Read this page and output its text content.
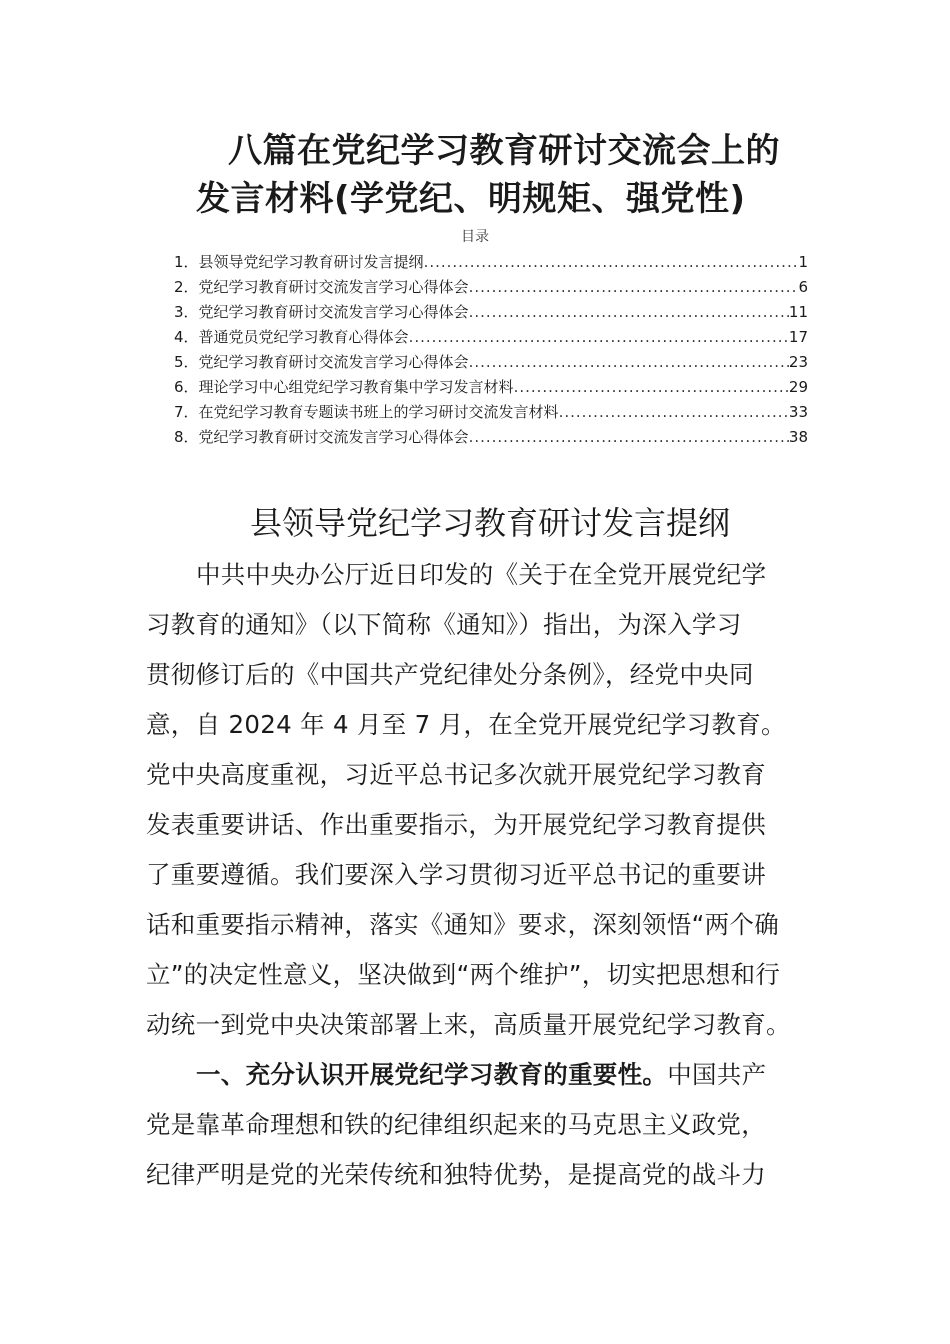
八篇在党纪学习教育研讨交流会上的
发言材料(学党纪、明规矩、强党性)
目录
1． 县领导党纪学习教育研讨发言提纲 .....	1
2． 党纪学习教育研讨交流发言学习心得体会 .....	6
3． 党纪学习教育研讨交流发言学习心得体会 .....	11
4． 普通党员党纪学习教育心得体会 .....	17
5． 党纪学习教育研讨交流发言学习心得体会 .....	23
6． 理论学习中心组党纪学习教育集中学习发言材料 .....	29
7． 在党纪学习教育专题读书班上的学习研讨交流发言材料 .....	33
8． 党纪学习教育研讨交流发言学习心得体会 .....	38
县领导党纪学习教育研讨发言提纲
中共中央办公厅近日印发的《关于在全党开展党纪学
习教育的通知》（以下简称《通知》）指出，为深入学习
贯彻修订后的《中国共产党纪律处分条例》，经党中央同
意，自 2024 年 4 月至 7 月，在全党开展党纪学习教育。
党中央高度重视，习近平总书记多次就开展党纪学习教育
发表重要讲话、作出重要指示，为开展党纪学习教育提供
了重要遵循。我们要深入学习贯彻习近平总书记的重要讲
话和重要指示精神，落实《通知》要求，深刻领悟“两个确
立”的决定性意义，坚决做到“两个维护”，切实把思想和行
动统一到党中央决策部署上来，高质量开展党纪学习教育。
一、充分认识开展党纪学习教育的重要性。中国共产
党是靠革命理想和铁的纪律组织起来的马克思主义政党，
纪律严明是党的光荣传统和独特优势，是提高党的战斗力
